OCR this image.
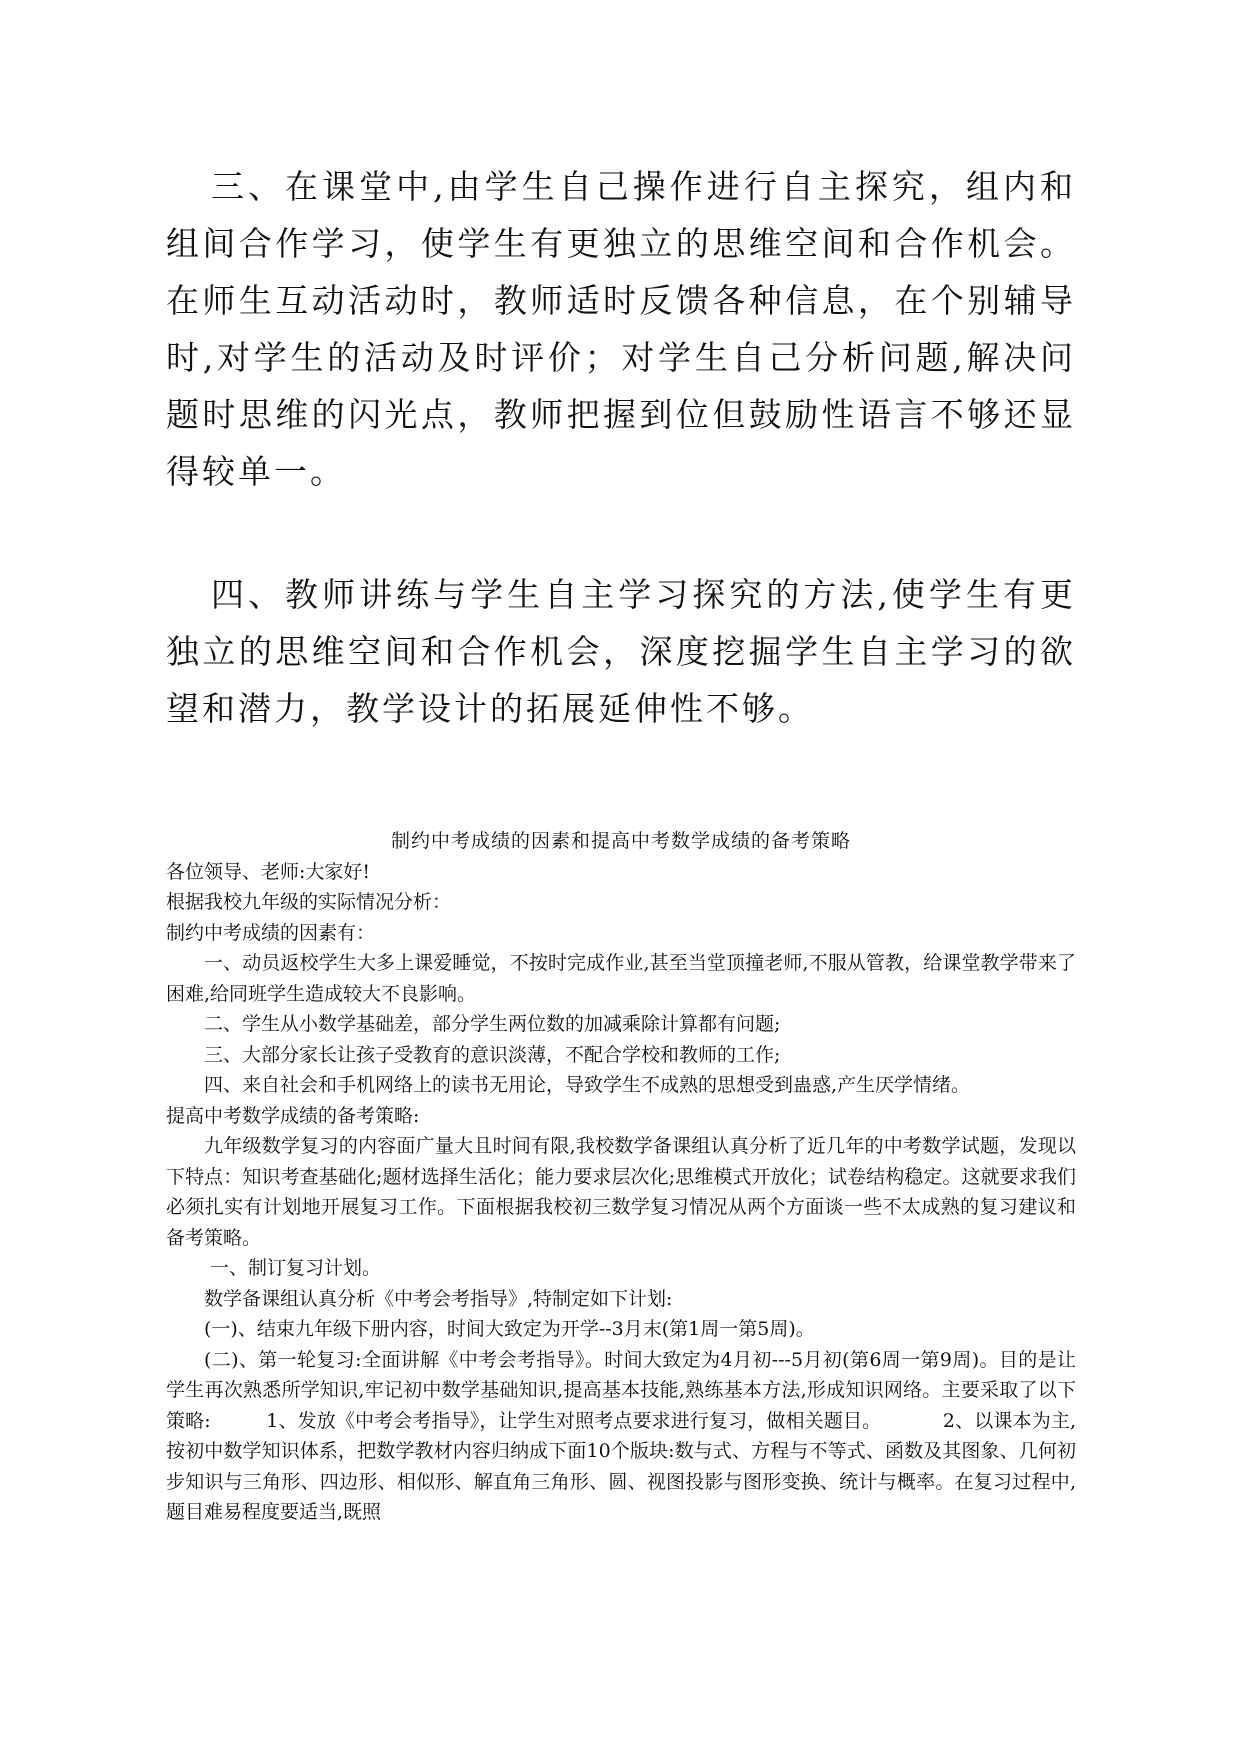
三、在课堂中,由学生自己操作进行自主探究，组内和组间合作学习，使学生有更独立的思维空间和合作机会。在师生互动活动时，教师适时反馈各种信息，在个别辅导时,对学生的活动及时评价；对学生自己分析问题,解决问题时思维的闪光点，教师把握到位但鼓励性语言不够还显得较单一。

四、教师讲练与学生自主学习探究的方法,使学生有更独立的思维空间和合作机会，深度挖掘学生自主学习的欲望和潜力，教学设计的拓展延伸性不够。

制约中考成绩的因素和提高中考数学成绩的备考策略

各位领导、老师:大家好!

根据我校九年级的实际情况分析：

制约中考成绩的因素有：

一、动员返校学生大多上课爱睡觉，不按时完成作业,甚至当堂顶撞老师,不服从管教，给课堂教学带来了困难,给同班学生造成较大不良影响。

二、学生从小数学基础差，部分学生两位数的加减乘除计算都有问题;

三、大部分家长让孩子受教育的意识淡薄，不配合学校和教师的工作;

四、来自社会和手机网络上的读书无用论，导致学生不成熟的思想受到蛊惑,产生厌学情绪。

提高中考数学成绩的备考策略:

九年级数学复习的内容面广量大且时间有限,我校数学备课组认真分析了近几年的中考数学试题，发现以下特点：知识考查基础化;题材选择生活化；能力要求层次化;思维模式开放化；试卷结构稳定。这就要求我们必须扎实有计划地开展复习工作。下面根据我校初三数学复习情况从两个方面谈一些不太成熟的复习建议和备考策略。

一、制订复习计划。

数学备课组认真分析《中考会考指导》,特制定如下计划:

(一)、结束九年级下册内容，时间大致定为开学--3月末(第1周一第5周)。

(二)、第一轮复习:全面讲解《中考会考指导》。时间大致定为4月初---5月初(第6周一第9周)。目的是让学生再次熟悉所学知识,牢记初中数学基础知识,提高基本技能,熟练基本方法,形成知识网络。主要采取了以下策略:         1、发放《中考会考指导》，让学生对照考点要求进行复习，做相关题目。          2、以课本为主,按初中数学知识体系，把数学教材内容归纳成下面10个版块:数与式、方程与不等式、函数及其图象、几何初步知识与三角形、四边形、相似形、解直角三角形、圆、视图投影与图形变换、统计与概率。在复习过程中,题目难易程度要适当,既照
